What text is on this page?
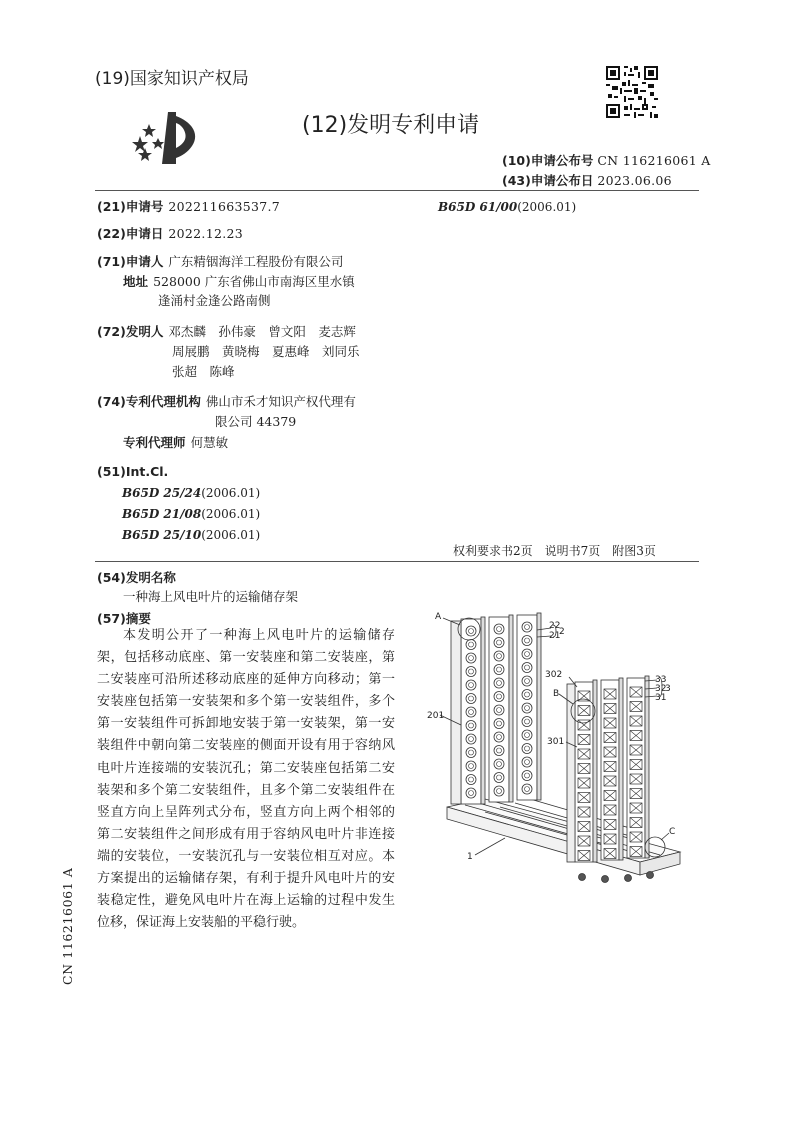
(19)国家知识产权局
(12)发明专利申请
(10)申请公布号 CN 116216061 A
(43)申请公布日 2023.06.06
(21)申请号 202211663537.7	B65D 61/00(2006.01)
(22)申请日 2022.12.23
(71)申请人 广东精铟海洋工程股份有限公司
地址 528000 广东省佛山市南海区里水镇
逢涌村金逢公路南侧
(72)发明人 邓杰麟　孙伟豪　曾文阳　麦志辉
周展鹏　黄晓梅　夏惠峰　刘同乐
张超　陈峰
(74)专利代理机构 佛山市禾才知识产权代理有
限公司 44379
专利代理师 何慧敏
(51)Int.Cl.
B65D 25/24(2006.01)
B65D 21/08(2006.01)
B65D 25/10(2006.01)
权利要求书2页　说明书7页　附图3页
(54)发明名称
一种海上风电叶片的运输储存架
(57)摘要
本发明公开了一种海上风电叶片的运输储存架，包括移动底座、第一安装座和第二安装座，第二安装座可沿所述移动底座的延伸方向移动；第一安装座包括第一安装架和多个第一安装组件，多个第一安装组件可拆卸地安装于第一安装架，第一安装组件中朝向第二安装座的侧面开设有用于容纳风电叶片连接端的安装沉孔；第二安装座包括第二安装架和多个第二安装组件，且多个第二安装组件在竖直方向上呈阵列式分布，竖直方向上两个相邻的第二安装组件之间形成有用于容纳风电叶片非连接端的安装位，一安装沉孔与一安装位相互对应。本方案提出的运输储存架，有利于提升风电叶片的安装稳定性，避免风电叶片在海上运输的过程中发生位移，保证海上安装船的平稳行驶。
CN 116216061 A
A
22
21
2
302	33
32
3
31
B
201
301
C
1
